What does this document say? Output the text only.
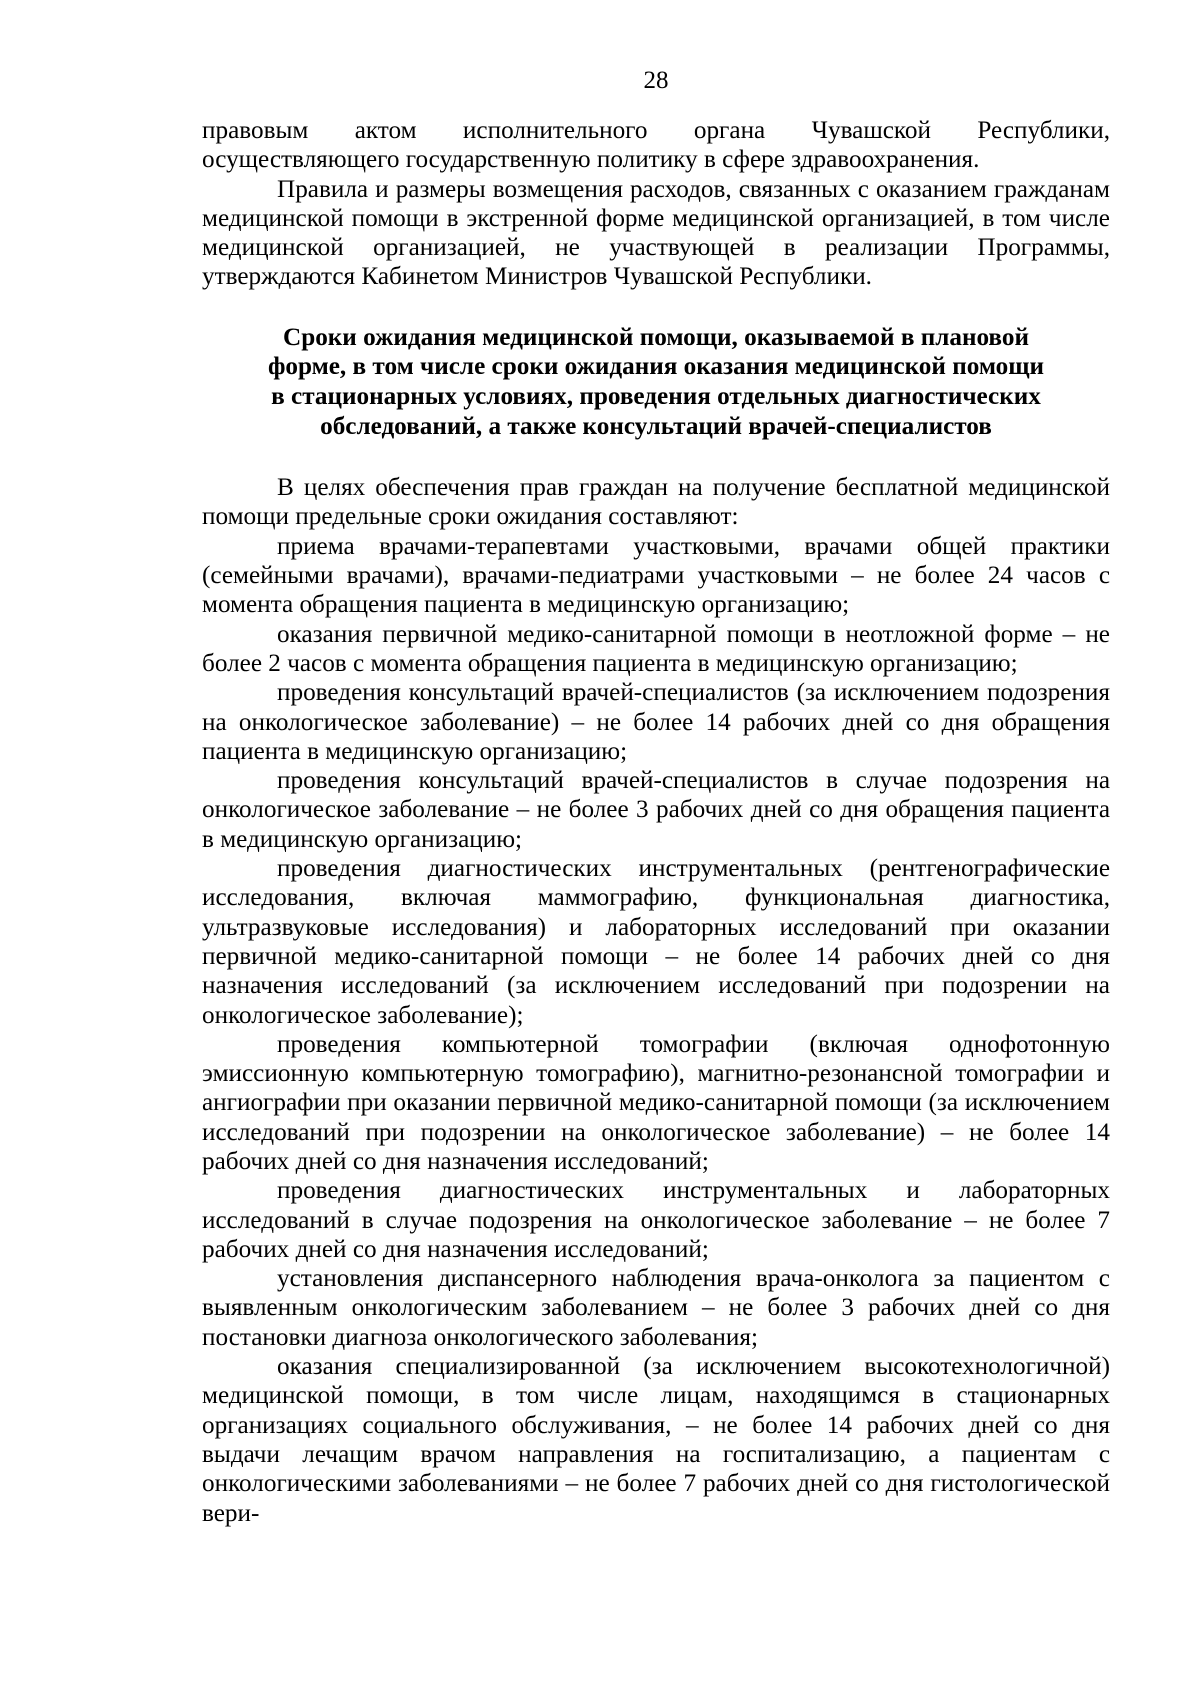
28

правовым актом исполнительного органа Чувашской Республики, осуществляющего государственную политику в сфере здравоохранения.

Правила и размеры возмещения расходов, связанных с оказанием гражданам медицинской помощи в экстренной форме медицинской организацией, в том числе медицинской организацией, не участвующей в реализации Программы, утверждаются Кабинетом Министров Чувашской Республики.

Сроки ожидания медицинской помощи, оказываемой в плановой
форме, в том числе сроки ожидания оказания медицинской помощи
в стационарных условиях, проведения отдельных диагностических
обследований, а также консультаций врачей-специалистов

В целях обеспечения прав граждан на получение бесплатной медицинской помощи предельные сроки ожидания составляют:

приема врачами-терапевтами участковыми, врачами общей практики (семейными врачами), врачами-педиатрами участковыми – не более 24 часов с момента обращения пациента в медицинскую организацию;

оказания первичной медико-санитарной помощи в неотложной форме – не более 2 часов с момента обращения пациента в медицинскую организацию;

проведения консультаций врачей-специалистов (за исключением подозрения на онкологическое заболевание) – не более 14 рабочих дней со дня обращения пациента в медицинскую организацию;

проведения консультаций врачей-специалистов в случае подозрения на онкологическое заболевание – не более 3 рабочих дней со дня обращения пациента в медицинскую организацию;

проведения диагностических инструментальных (рентгенографические исследования, включая маммографию, функциональная диагностика, ультразвуковые исследования) и лабораторных исследований при оказании первичной медико-санитарной помощи – не более 14 рабочих дней со дня назначения исследований (за исключением исследований при подозрении на онкологическое заболевание);

проведения компьютерной томографии (включая однофотонную эмиссионную компьютерную томографию), магнитно-резонансной томографии и ангиографии при оказании первичной медико-санитарной помощи (за исключением исследований при подозрении на онкологическое заболевание) – не более 14 рабочих дней со дня назначения исследований;

проведения диагностических инструментальных и лабораторных исследований в случае подозрения на онкологическое заболевание – не более 7 рабочих дней со дня назначения исследований;

установления диспансерного наблюдения врача-онколога за пациентом с выявленным онкологическим заболеванием – не более 3 рабочих дней со дня постановки диагноза онкологического заболевания;

оказания специализированной (за исключением высокотехнологичной) медицинской помощи, в том числе лицам, находящимся в стационарных организациях социального обслуживания, – не более 14 рабочих дней со дня выдачи лечащим врачом направления на госпитализацию, а пациентам с онкологическими заболеваниями – не более 7 рабочих дней со дня гистологической вери-
